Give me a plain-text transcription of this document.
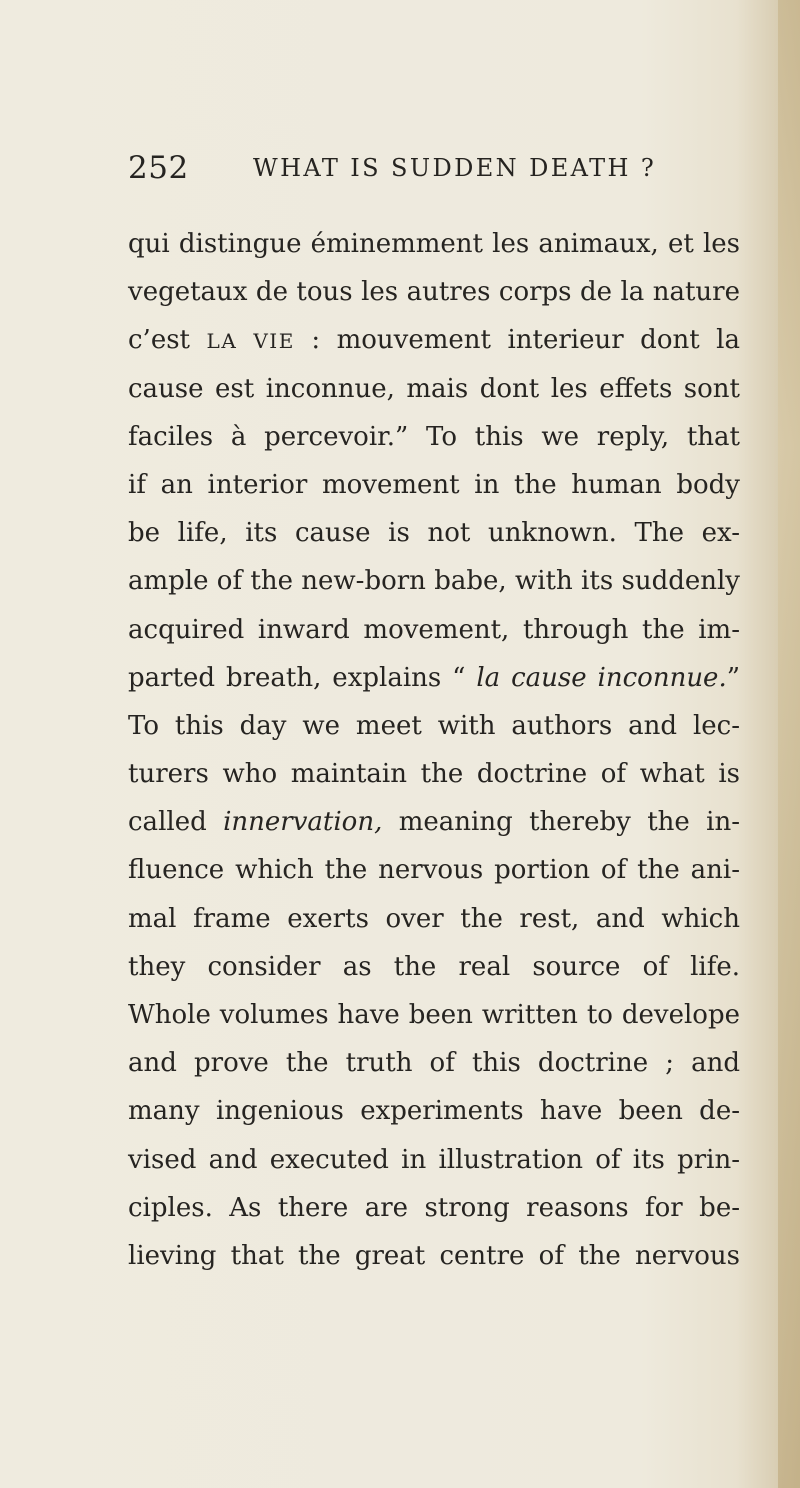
252	WHAT IS SUDDEN DEATH ?
qui distingue éminemment les animaux, et les
vegetaux de tous les autres corps de la nature
c’est LA VIE : mouvement interieur dont la
cause est inconnue, mais dont les effets sont
faciles à percevoir.” To this we reply, that
if an interior movement in the human body
be life, its cause is not unknown. The ex-
ample of the new-born babe, with its suddenly
acquired inward movement, through the im-
parted breath, explains “ la cause inconnue.”
To this day we meet with authors and lec-
turers who maintain the doctrine of what is
called innervation, meaning thereby the in-
fluence which the nervous portion of the ani-
mal frame exerts over the rest, and which
they consider as the real source of life.
Whole volumes have been written to develope
and prove the truth of this doctrine ; and
many ingenious experiments have been de-
vised and executed in illustration of its prin-
ciples. As there are strong reasons for be-
lieving that the great centre of the nervous
